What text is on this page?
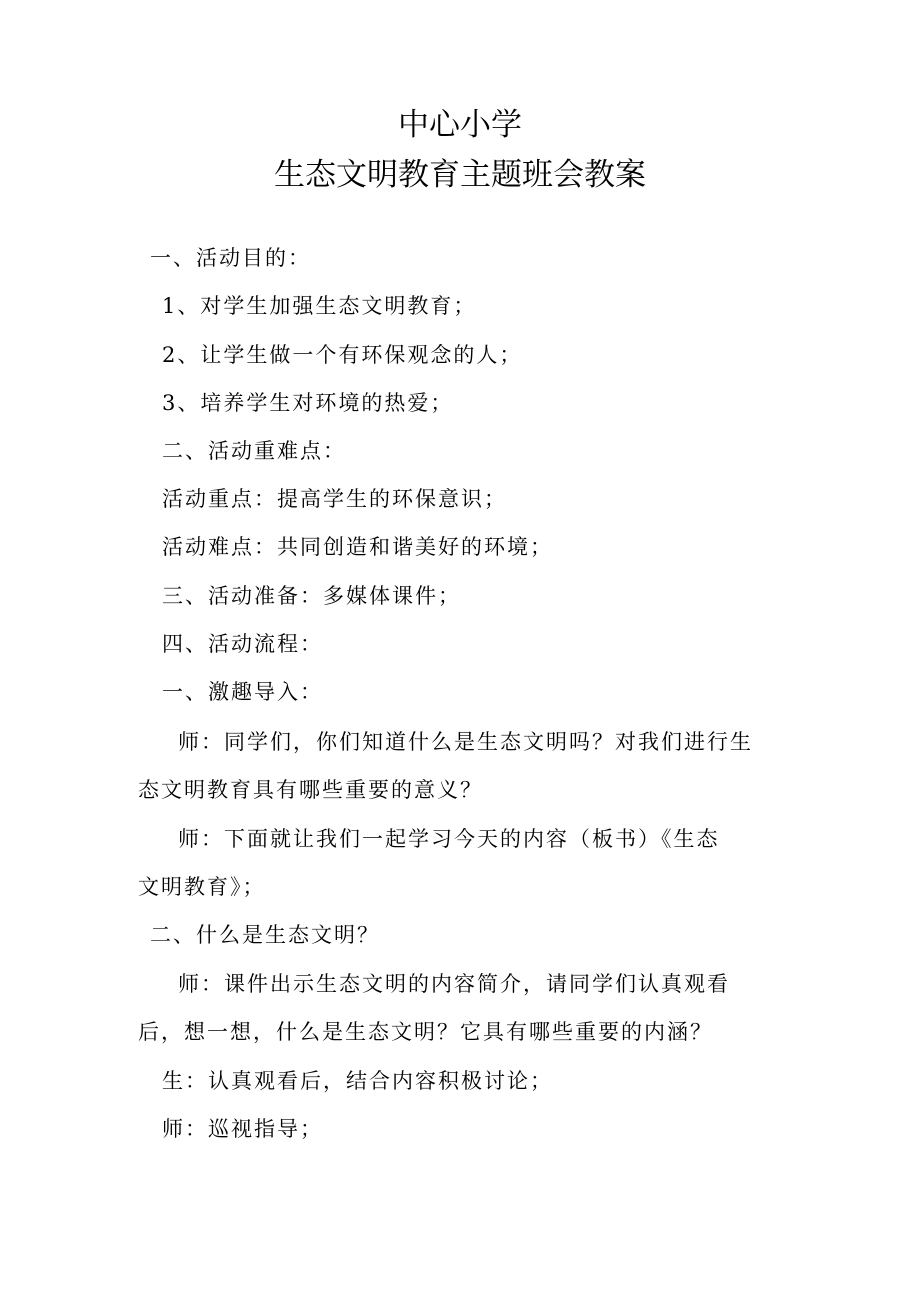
中心小学
生态文明教育主题班会教案
一、活动目的：
1、对学生加强生态文明教育；
2、让学生做一个有环保观念的人；
3、培养学生对环境的热爱；
二、活动重难点：
活动重点：提高学生的环保意识；
活动难点：共同创造和谐美好的环境；
三、活动准备：多媒体课件；
四、活动流程：
一、激趣导入：
师：同学们，你们知道什么是生态文明吗？对我们进行生
态文明教育具有哪些重要的意义？
师：下面就让我们一起学习今天的内容（板书）《生态
文明教育》；
二、什么是生态文明？
师：课件出示生态文明的内容简介，请同学们认真观看
后，想一想，什么是生态文明？它具有哪些重要的内涵？
生：认真观看后，结合内容积极讨论；
师：巡视指导；
